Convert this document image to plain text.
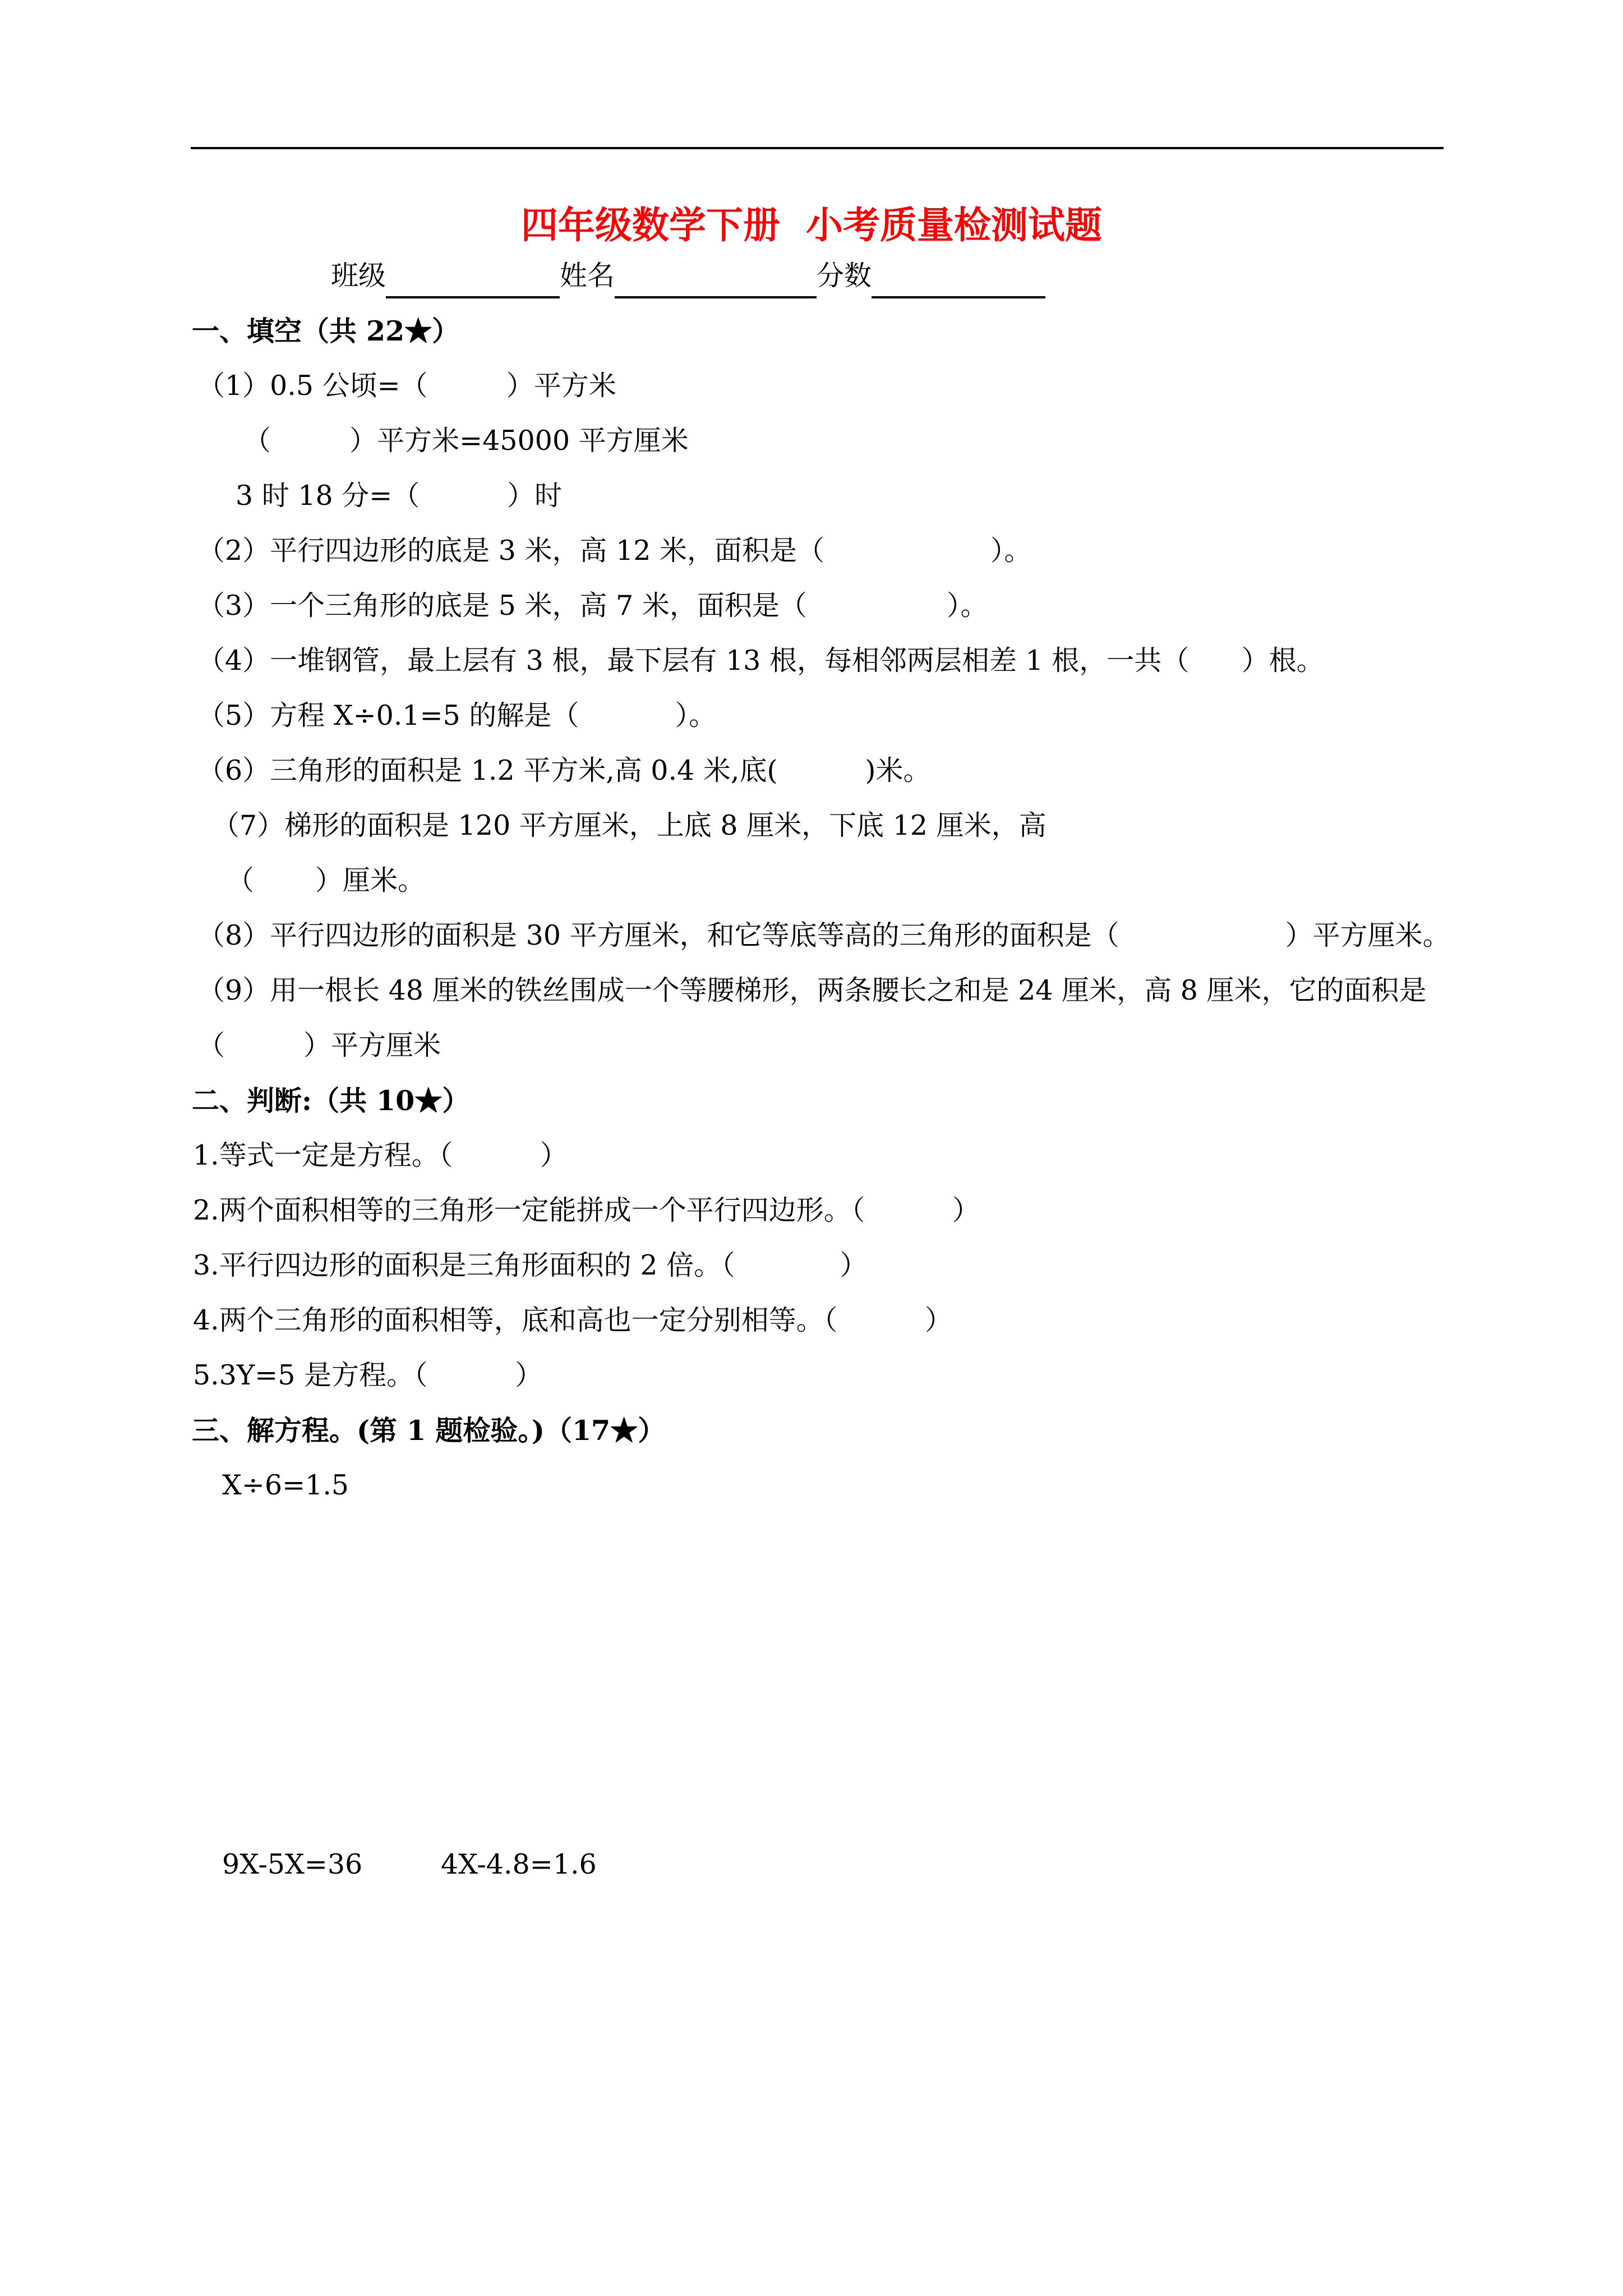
四年级数学下册  小考质量检测试题
班级	姓名	分数
一、填空（共 22★）
（1）0.5 公顷=（         ）平方米
（         ）平方米=45000 平方厘米
3 时 18 分=（          ）时
（2）平行四边形的底是 3 米，高 12 米，面积是（                   ）。
（3）一个三角形的底是 5 米，高 7 米，面积是（                ）。
（4）一堆钢管，最上层有 3 根，最下层有 13 根，每相邻两层相差 1 根，一共（      ）根。
（5）方程 X÷0.1=5 的解是（           ）。
（6）三角形的面积是 1.2 平方米,高 0.4 米,底(          )米。
（7）梯形的面积是 120 平方厘米，上底 8 厘米，下底 12 厘米，高
（       ）厘米。
（8）平行四边形的面积是 30 平方厘米，和它等底等高的三角形的面积是（                   ）平方厘米。
（9）用一根长 48 厘米的铁丝围成一个等腰梯形，两条腰长之和是 24 厘米，高 8 厘米，它的面积是
（         ）平方厘米
二、判断:（共 10★）
1.等式一定是方程。（          ）
2.两个面积相等的三角形一定能拼成一个平行四边形。（          ）
3.平行四边形的面积是三角形面积的 2 倍。（            ）
4.两个三角形的面积相等，底和高也一定分别相等。（          ）
5.3Y=5 是方程。（          ）
三、解方程。(第 1 题检验。)（17★）
X÷6=1.5
9X-5X=36	4X-4.8=1.6
